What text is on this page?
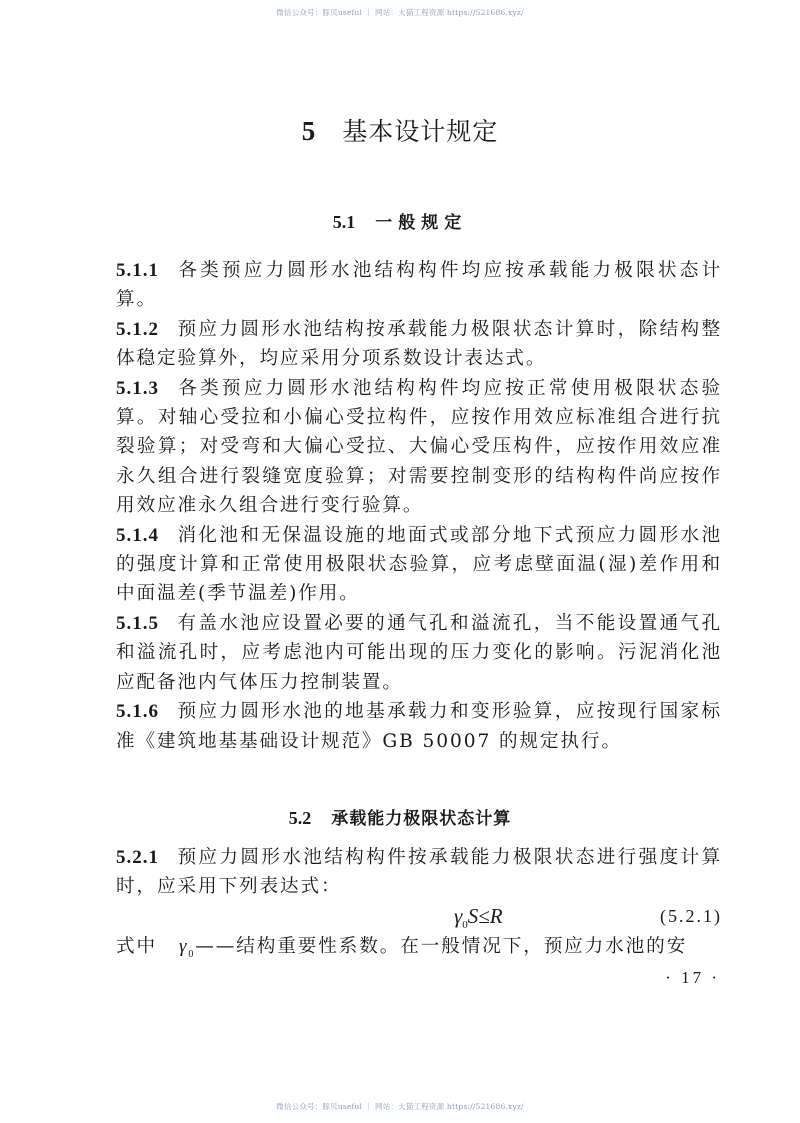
微信公众号：豚贝useful ｜ 网站：大猫工程资源 https://521686.xyz/
5 基本设计规定
5.1 一般规定

5.1.1 各类预应力圆形水池结构构件均应按承载能力极限状态计算。

5.1.2 预应力圆形水池结构按承载能力极限状态计算时，除结构整体稳定验算外，均应采用分项系数设计表达式。

5.1.3 各类预应力圆形水池结构构件均应按正常使用极限状态验算。对轴心受拉和小偏心受拉构件，应按作用效应标准组合进行抗裂验算；对受弯和大偏心受拉、大偏心受压构件，应按作用效应准永久组合进行裂缝宽度验算；对需要控制变形的结构构件尚应按作用效应准永久组合进行变行验算。

5.1.4 消化池和无保温设施的地面式或部分地下式预应力圆形水池的强度计算和正常使用极限状态验算，应考虑壁面温(湿)差作用和中面温差(季节温差)作用。

5.1.5 有盖水池应设置必要的通气孔和溢流孔，当不能设置通气孔和溢流孔时，应考虑池内可能出现的压力变化的影响。污泥消化池应配备池内气体压力控制装置。

5.1.6 预应力圆形水池的地基承载力和变形验算，应按现行国家标准《建筑地基基础设计规范》GB 50007 的规定执行。

5.2 承载能力极限状态计算

5.2.1 预应力圆形水池结构构件按承载能力极限状态进行强度计算时，应采用下列表达式：

$\gamma_0S\le R$	(5.2.1)

式中 $\gamma_0——$结构重要性系数。在一般情况下，预应力水池的安

· 17 ·
微信公众号：豚贝useful ｜ 网站：大猫工程资源 https://521686.xyz/
